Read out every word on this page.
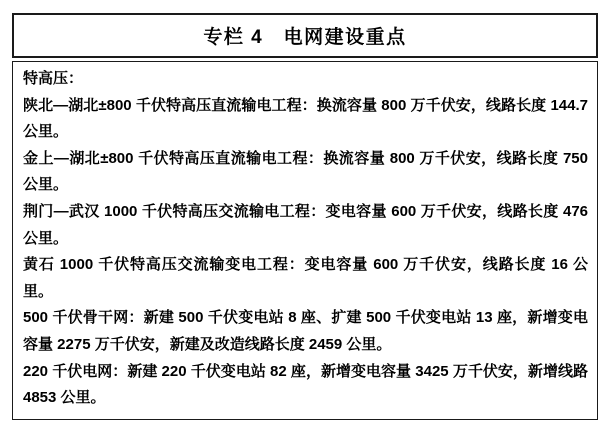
专栏 4　电网建设重点

特高压：

陕北—湖北±800 千伏特高压直流输电工程：换流容量 800 万千伏安，线路长度 144.7 公里。

金上—湖北±800 千伏特高压直流输电工程：换流容量 800 万千伏安，线路长度 750 公里。

荆门—武汉 1000 千伏特高压交流输电工程：变电容量 600 万千伏安，线路长度 476 公里。

黄石 1000 千伏特高压交流输变电工程：变电容量 600 万千伏安，线路长度 16 公里。

500 千伏骨干网：新建 500 千伏变电站 8 座、扩建 500 千伏变电站 13 座，新增变电容量 2275 万千伏安，新建及改造线路长度 2459 公里。

220 千伏电网：新建 220 千伏变电站 82 座，新增变电容量 3425 万千伏安，新增线路 4853 公里。
